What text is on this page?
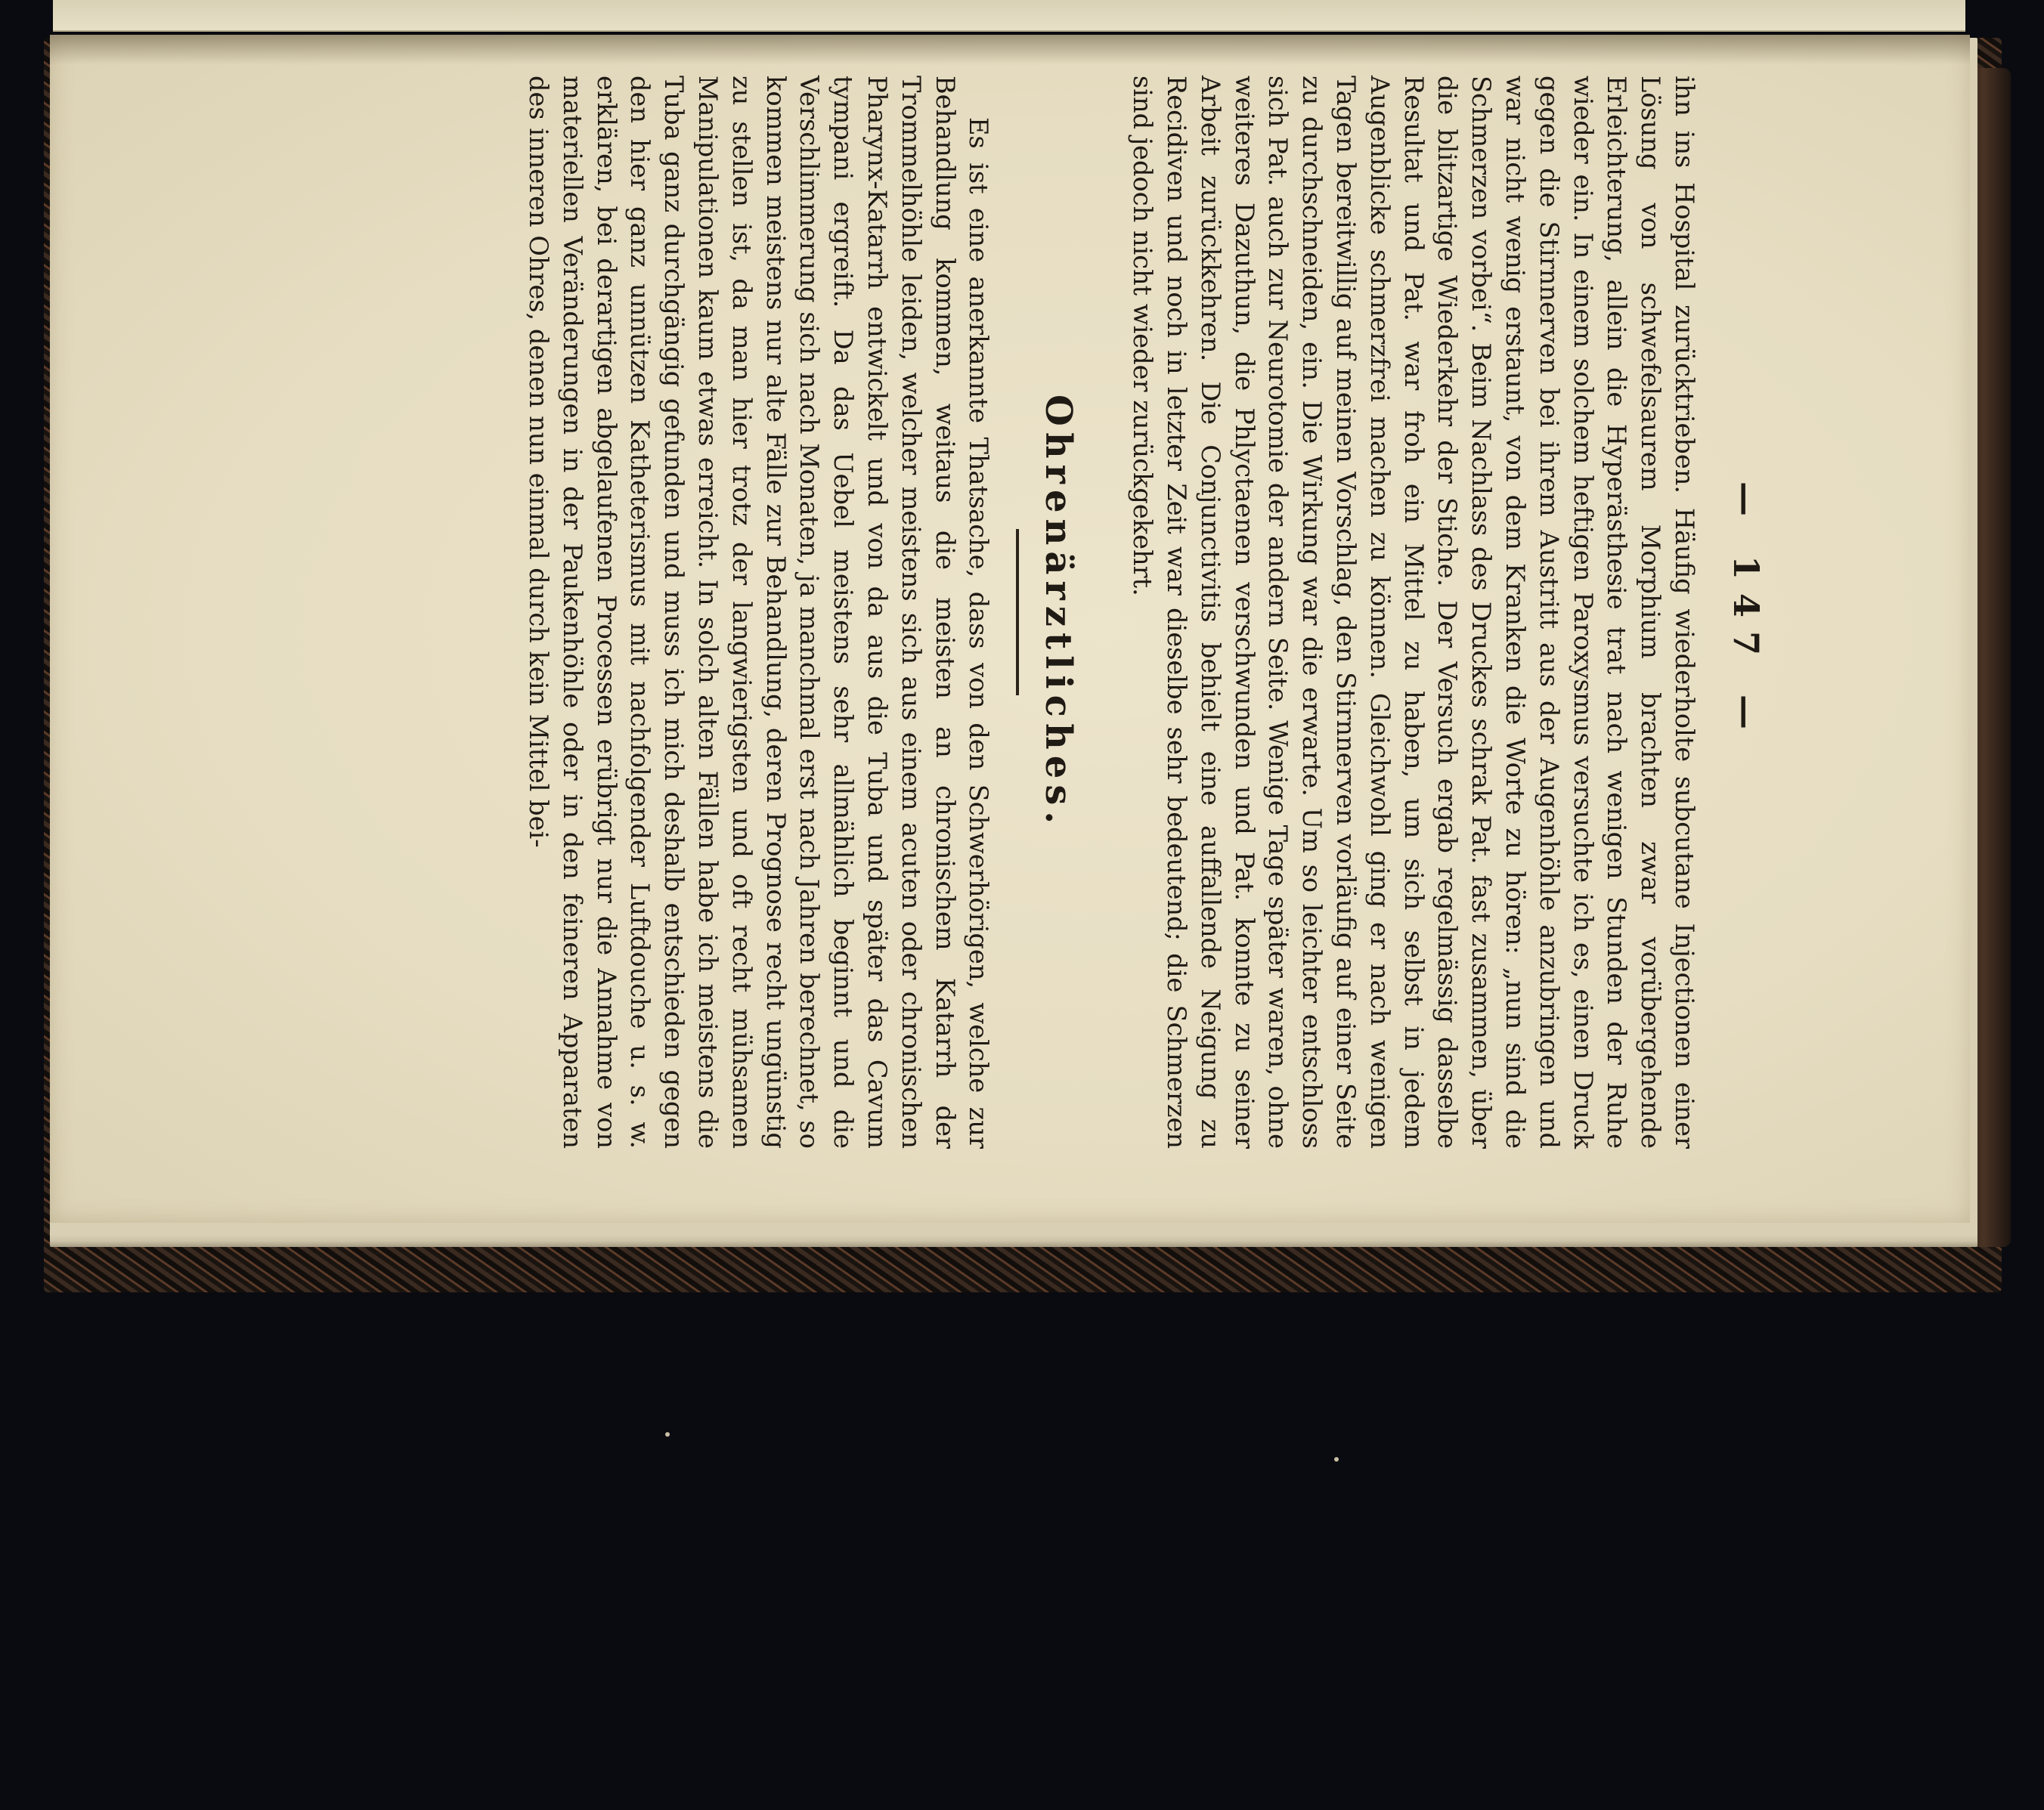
— 147 —

ihn ins Hospital zurücktrieben. Häufig wiederholte subcutane Injectionen einer Lösung von schwefelsaurem Morphium brachten zwar vorübergehende Erleichterung, allein die Hyperästhesie trat nach wenigen Stunden der Ruhe wieder ein. In einem solchem heftigen Paroxysmus versuchte ich es, einen Druck gegen die Stirnnerven bei ihrem Austritt aus der Augenhöhle anzubringen und war nicht wenig erstaunt, von dem Kranken die Worte zu hören: „nun sind die Schmerzen vorbei“. Beim Nachlass des Druckes schrak Pat. fast zusammen, über die blitzartige Wiederkehr der Stiche. Der Versuch ergab regelmässig dasselbe Resultat und Pat. war froh ein Mittel zu haben, um sich selbst in jedem Augenblicke schmerzfrei machen zu können. Gleichwohl ging er nach wenigen Tagen bereitwillig auf meinen Vorschlag, den Stirnnerven vorläufig auf einer Seite zu durchschneiden, ein. Die Wirkung war die erwarte. Um so leichter entschloss sich Pat. auch zur Neurotomie der andern Seite. Wenige Tage später waren, ohne weiteres Dazuthun, die Phlyctaenen verschwunden und Pat. konnte zu seiner Arbeit zurückkehren. Die Conjunctivitis behielt eine auffallende Neigung zu Recidiven und noch in letzter Zeit war dieselbe sehr bedeutend; die Schmerzen sind jedoch nicht wieder zurückgekehrt.

Ohrenärztliches.

Es ist eine anerkannte Thatsache, dass von den Schwerhörigen, welche zur Behandlung kommen, weitaus die meisten an chronischem Katarrh der Trommelhöhle leiden, welcher meistens sich aus einem acuten oder chronischen Pharynx-Katarrh entwickelt und von da aus die Tuba und später das Cavum tympani ergreift. Da das Uebel meistens sehr allmählich beginnt und die Verschlimmerung sich nach Monaten, ja manchmal erst nach Jahren berechnet, so kommen meistens nur alte Fälle zur Behandlung, deren Prognose recht ungünstig zu stellen ist, da man hier trotz der langwierigsten und oft recht mühsamen Manipulationen kaum etwas erreicht. In solch alten Fällen habe ich meistens die Tuba ganz durchgängig gefunden und muss ich mich deshalb entschieden gegen den hier ganz unnützen Katheterismus mit nachfolgender Luftdouche u. s. w. erklären, bei derartigen abgelaufenen Processen erübrigt nur die Annahme von materiellen Veränderungen in der Paukenhöhle oder in den feineren Apparaten des inneren Ohres, denen nun einmal durch kein Mittel bei-
